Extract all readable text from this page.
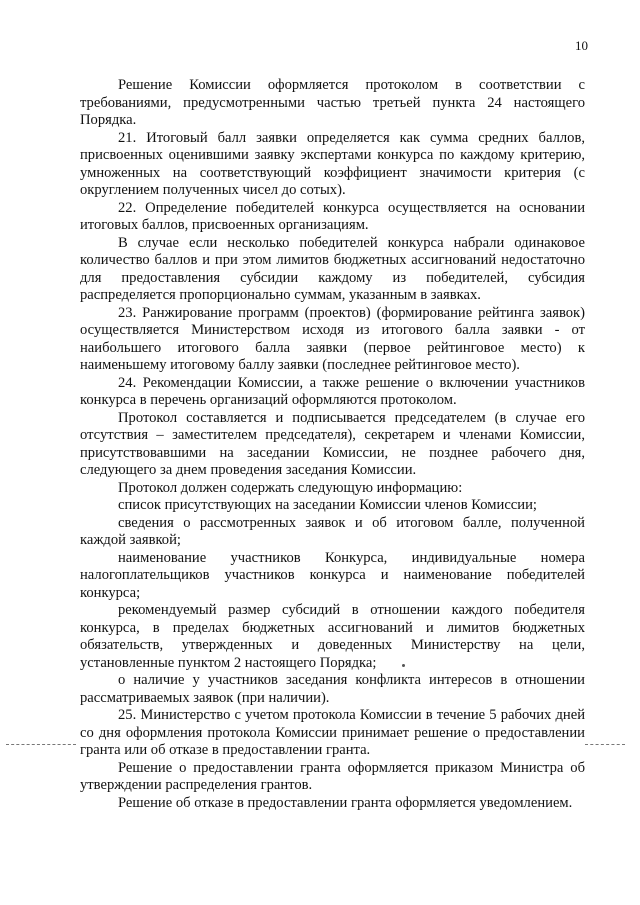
10

Решение Комиссии оформляется протоколом в соответствии с требованиями, предусмотренными частью третьей пункта 24 настоящего Порядка.

21. Итоговый балл заявки определяется как сумма средних баллов, присвоенных оценившими заявку экспертами конкурса по каждому критерию, умноженных на соответствующий коэффициент значимости критерия (с округлением полученных чисел до сотых).

22. Определение победителей конкурса осуществляется на основании итоговых баллов, присвоенных организациям.

В случае если несколько победителей конкурса набрали одинаковое количество баллов и при этом лимитов бюджетных ассигнований недостаточно для предоставления субсидии каждому из победителей, субсидия распределяется пропорционально суммам, указанным в заявках.

23. Ранжирование программ (проектов) (формирование рейтинга заявок) осуществляется Министерством исходя из итогового балла заявки - от наибольшего итогового балла заявки (первое рейтинговое место) к наименьшему итоговому баллу заявки (последнее рейтинговое место).

24. Рекомендации Комиссии, а также решение о включении участников конкурса в перечень организаций оформляются протоколом.

Протокол составляется и подписывается председателем (в случае его отсутствия – заместителем председателя), секретарем и членами Комиссии, присутствовавшими на заседании Комиссии, не позднее рабочего дня, следующего за днем проведения заседания Комиссии.

Протокол должен содержать следующую информацию:

список присутствующих на заседании Комиссии членов Комиссии;

сведения о рассмотренных заявок и об итоговом балле, полученной каждой заявкой;

наименование участников Конкурса, индивидуальные номера налогоплательщиков участников конкурса и наименование победителей конкурса;

рекомендуемый размер субсидий в отношении каждого победителя конкурса, в пределах бюджетных ассигнований и лимитов бюджетных обязательств, утвержденных и доведенных Министерству на цели, установленные пунктом 2 настоящего Порядка;

о наличие у участников заседания конфликта интересов в отношении рассматриваемых заявок (при наличии).

25. Министерство с учетом протокола Комиссии в течение 5 рабочих дней со дня оформления протокола Комиссии принимает решение о предоставлении гранта или об отказе в предоставлении гранта.

Решение о предоставлении гранта оформляется приказом Министра об утверждении распределения грантов.

Решение об отказе в предоставлении гранта оформляется уведомлением.
